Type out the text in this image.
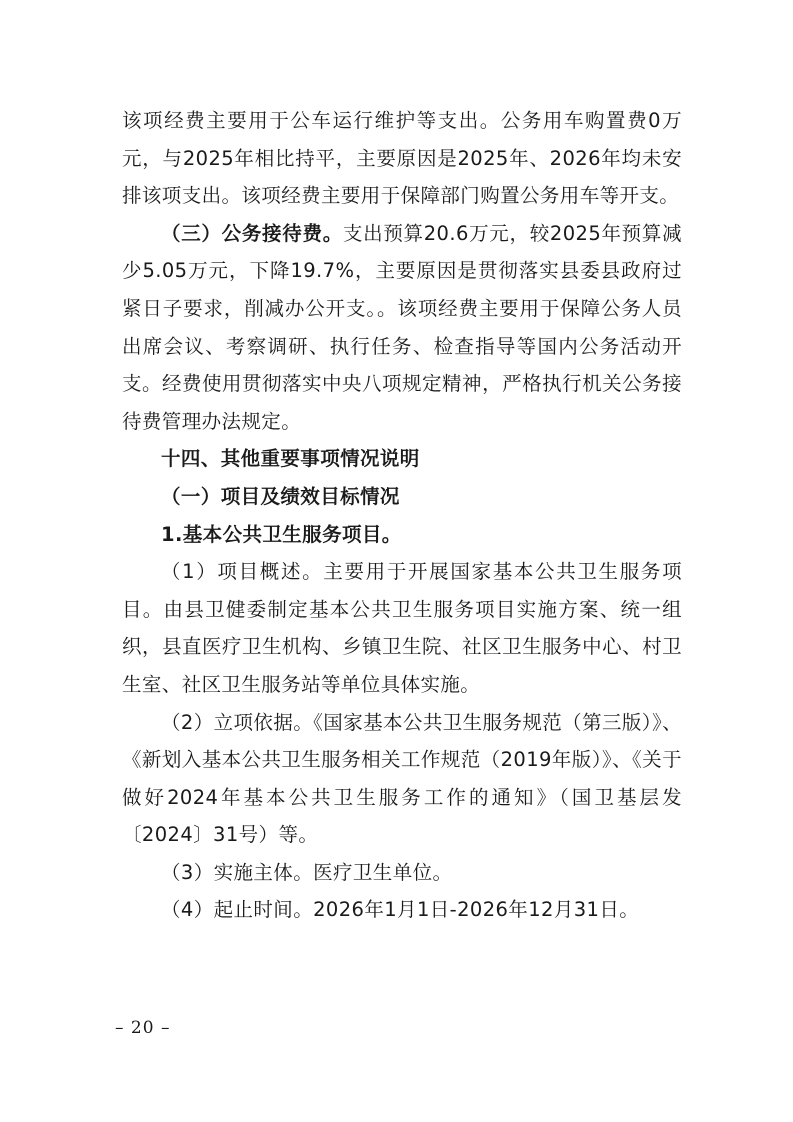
该项经费主要用于公车运行维护等支出。公务用车购置费0万元，与2025年相比持平，主要原因是2025年、2026年均未安排该项支出。该项经费主要用于保障部门购置公务用车等开支。

（三）公务接待费。支出预算20.6万元，较2025年预算减少5.05万元，下降19.7%，主要原因是贯彻落实县委县政府过紧日子要求，削减办公开支。。该项经费主要用于保障公务人员出席会议、考察调研、执行任务、检查指导等国内公务活动开支。经费使用贯彻落实中央八项规定精神，严格执行机关公务接待费管理办法规定。

十四、其他重要事项情况说明

（一）项目及绩效目标情况

1.基本公共卫生服务项目。

（1）项目概述。主要用于开展国家基本公共卫生服务项目。由县卫健委制定基本公共卫生服务项目实施方案、统一组织，县直医疗卫生机构、乡镇卫生院、社区卫生服务中心、村卫生室、社区卫生服务站等单位具体实施。

（2）立项依据。《国家基本公共卫生服务规范（第三版）》、《新划入基本公共卫生服务相关工作规范（2019年版）》、《关于做好2024年基本公共卫生服务工作的通知》（国卫基层发〔2024〕31号）等。

（3）实施主体。医疗卫生单位。

（4）起止时间。2026年1月1日-2026年12月31日。

– 20 –
